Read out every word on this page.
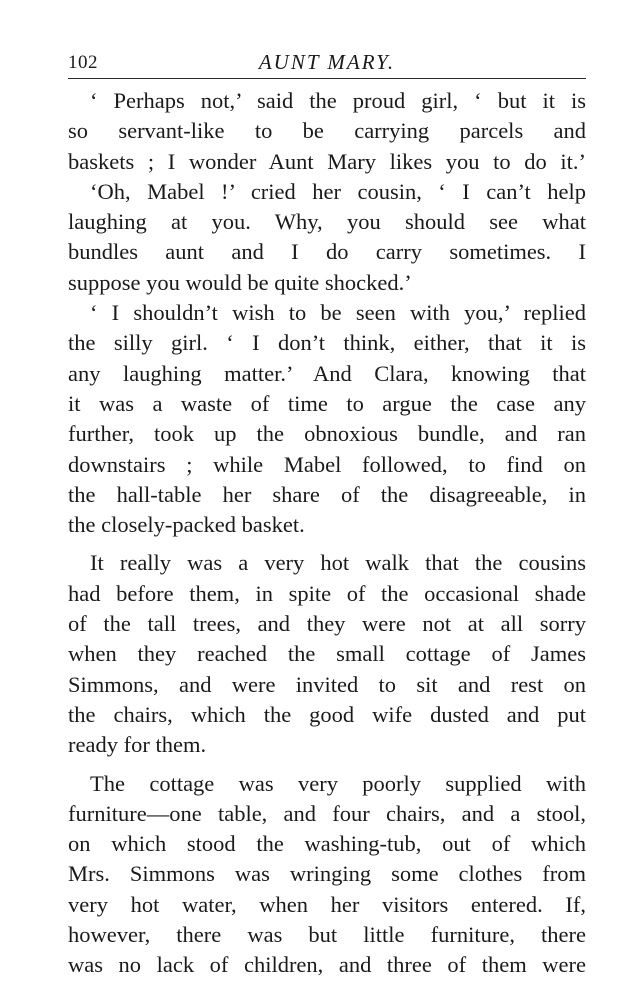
102	AUNT MARY.
‘ Perhaps not,’ said the proud girl, ‘ but it is
so servant-like to be carrying parcels and
baskets ; I wonder Aunt Mary likes you to do it.’
‘Oh, Mabel !’ cried her cousin, ‘ I can’t help
laughing at you. Why, you should see what
bundles aunt and I do carry sometimes. I
suppose you would be quite shocked.’
‘ I shouldn’t wish to be seen with you,’ replied
the silly girl. ‘ I don’t think, either, that it is
any laughing matter.’ And Clara, knowing that
it was a waste of time to argue the case any
further, took up the obnoxious bundle, and ran
downstairs ; while Mabel followed, to find on
the hall-table her share of the disagreeable, in
the closely-packed basket.
It really was a very hot walk that the cousins
had before them, in spite of the occasional shade
of the tall trees, and they were not at all sorry
when they reached the small cottage of James
Simmons, and were invited to sit and rest on
the chairs, which the good wife dusted and put
ready for them.
The cottage was very poorly supplied with
furniture—one table, and four chairs, and a stool,
on which stood the washing-tub, out of which
Mrs. Simmons was wringing some clothes from
very hot water, when her visitors entered. If,
however, there was but little furniture, there
was no lack of children, and three of them were
